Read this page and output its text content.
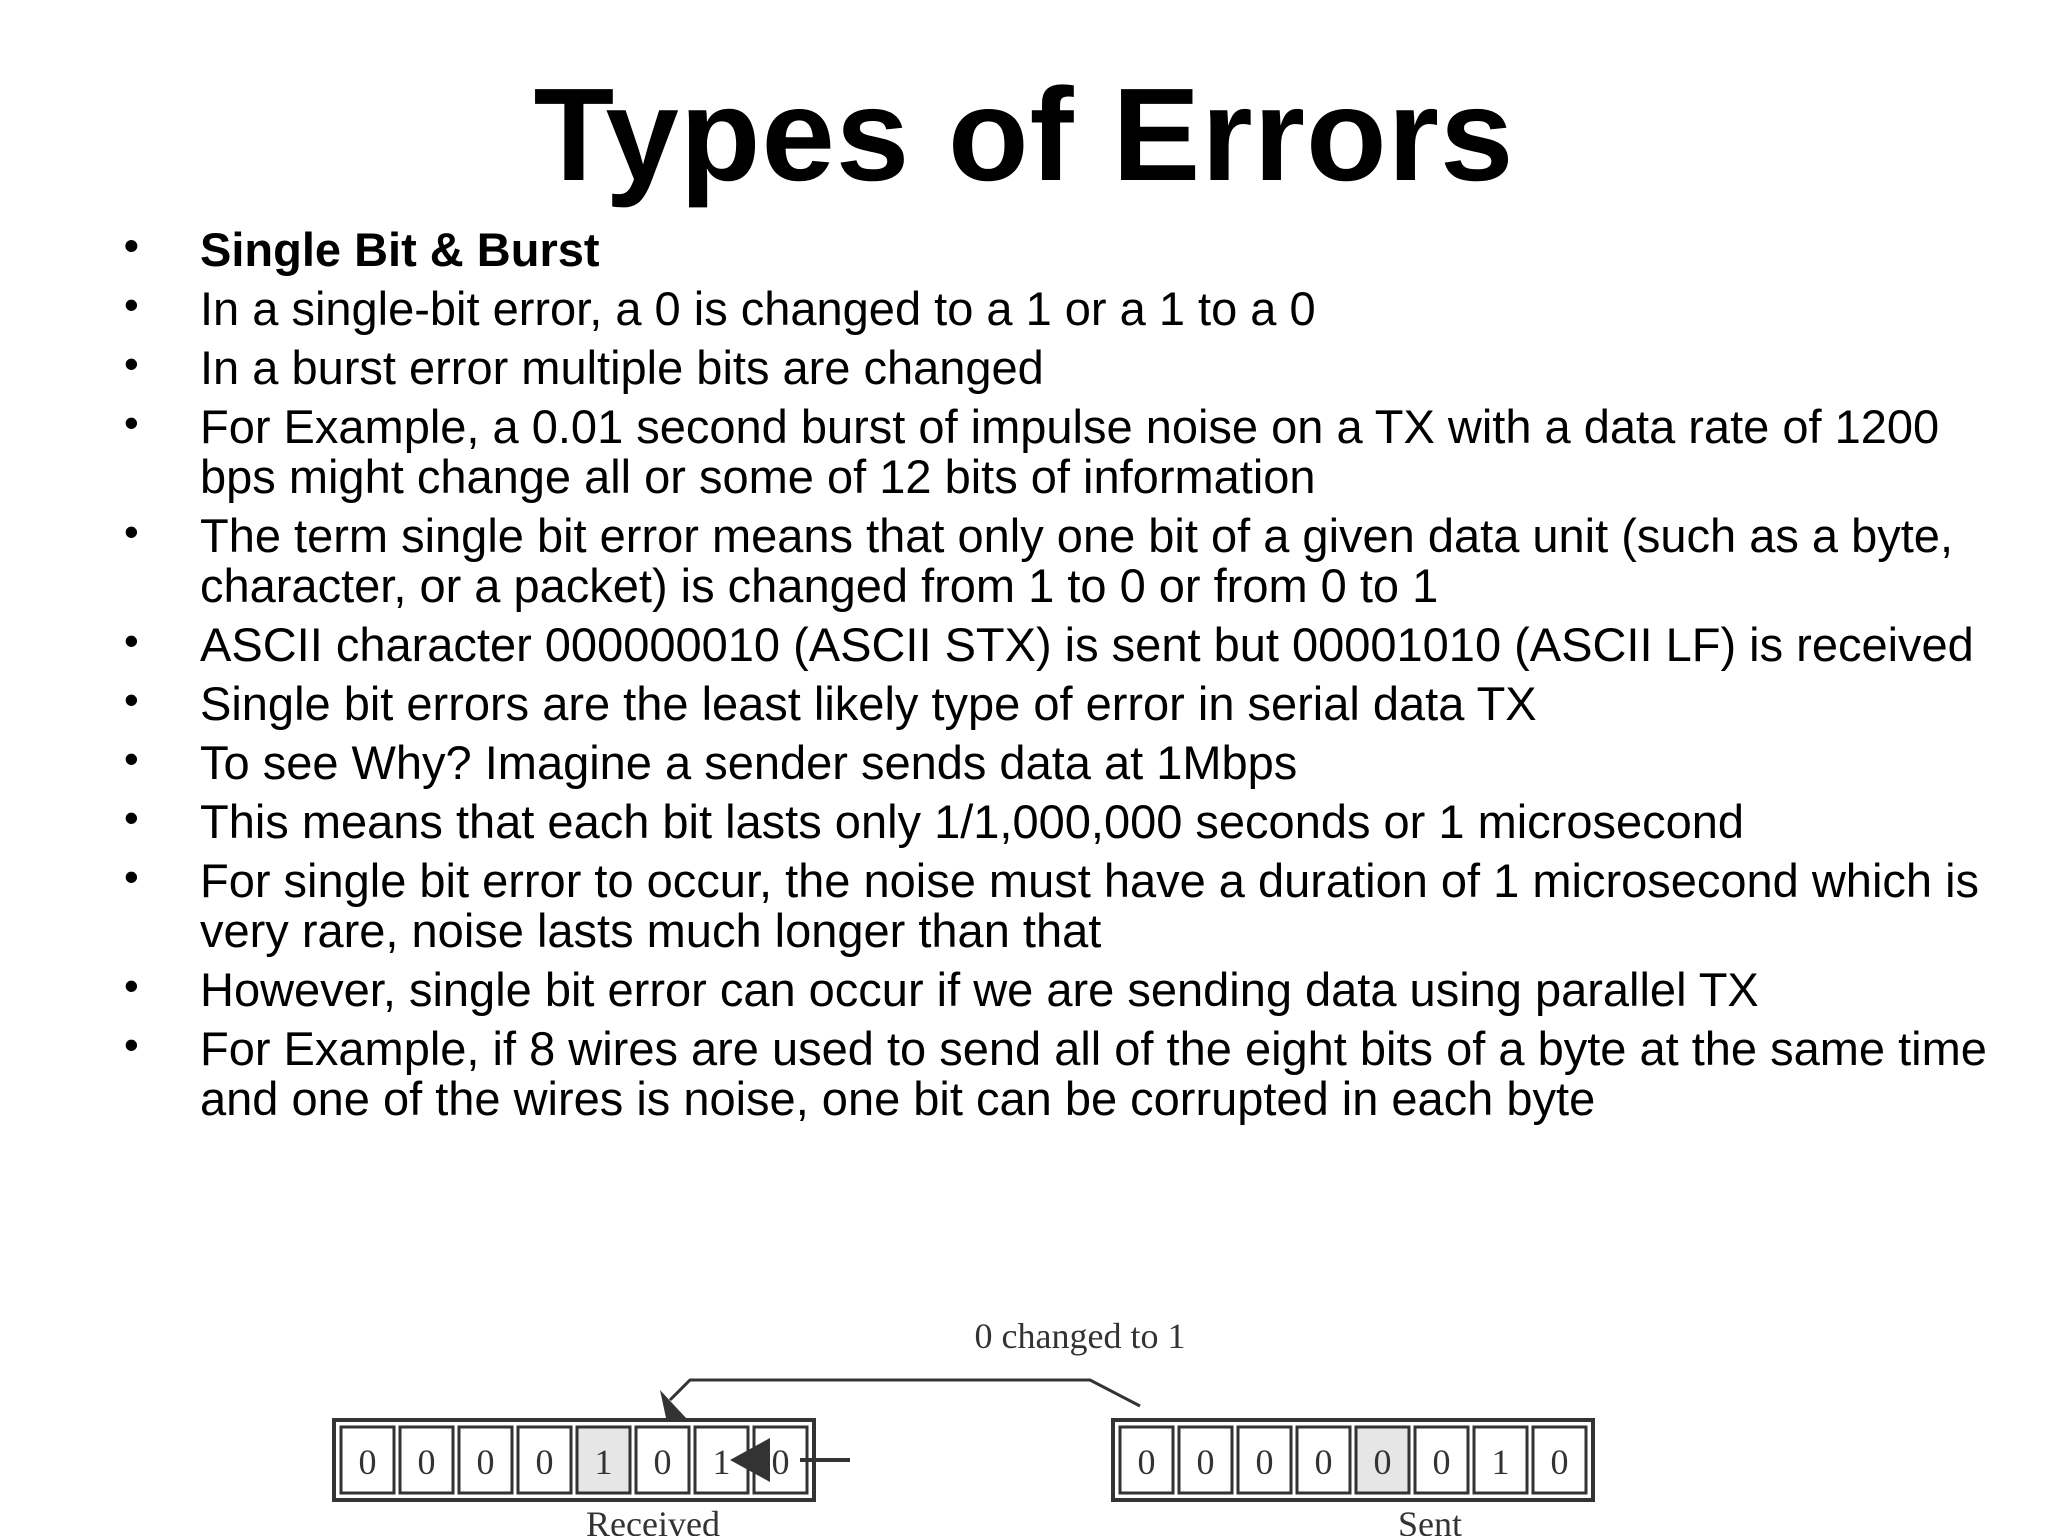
Types of Errors
• Single Bit & Burst
• In a single-bit error, a 0 is changed to a 1 or a 1 to a 0
• In a burst error multiple bits are changed
• For Example, a 0.01 second burst of impulse noise on a TX with a data rate of 1200 bps might change all or some of 12 bits of information
• The term single bit error means that only one bit of a given data unit (such as a byte, character, or a packet) is changed from 1 to 0 or from 0 to 1
• ASCII character 000000010 (ASCII STX) is sent but 00001010 (ASCII LF) is received
• Single bit errors are the least likely type of error in serial data TX
• To see Why? Imagine a sender sends data at 1Mbps
• This means that each bit lasts only 1/1,000,000 seconds or 1 microsecond
• For single bit error to occur, the noise must have a duration of 1 microsecond which is very rare, noise lasts much longer than that
• However, single bit error can occur if we are sending data using parallel TX
• For Example, if 8 wires are used to send all of the eight bits of a byte at the same time and one of the wires is noise, one bit can be corrupted in each byte
0 changed to 1
0 0 0 0 1 0 1 0	0 0 0 0 0 0 1 0
Received	Sent
